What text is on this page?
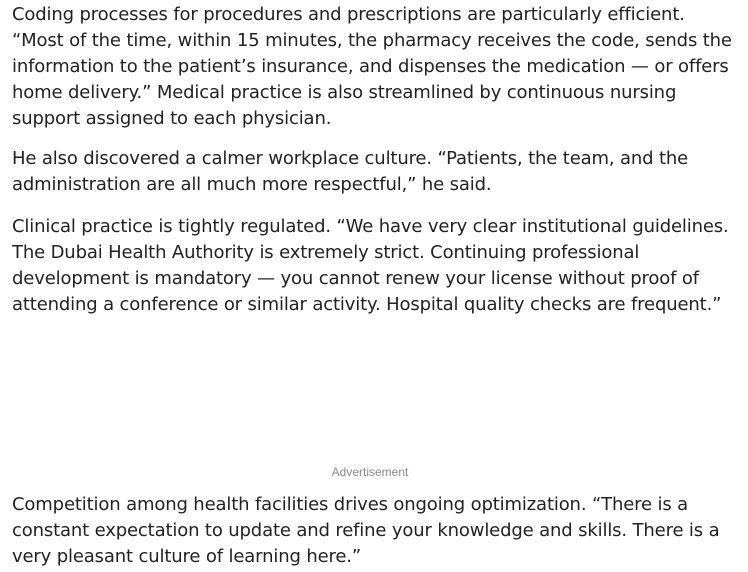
Coding processes for procedures and prescriptions are particularly efficient. “Most of the time, within 15 minutes, the pharmacy receives the code, sends the information to the patient’s insurance, and dispenses the medication — or offers home delivery.” Medical practice is also streamlined by continuous nursing support assigned to each physician.

He also discovered a calmer workplace culture. “Patients, the team, and the administration are all much more respectful,” he said.

Clinical practice is tightly regulated. “We have very clear institutional guidelines. The Dubai Health Authority is extremely strict. Continuing professional development is mandatory — you cannot renew your license without proof of attending a conference or similar activity. Hospital quality checks are frequent.”

Advertisement

Competition among health facilities drives ongoing optimization. “There is a constant expectation to update and refine your knowledge and skills. There is a very pleasant culture of learning here.”
